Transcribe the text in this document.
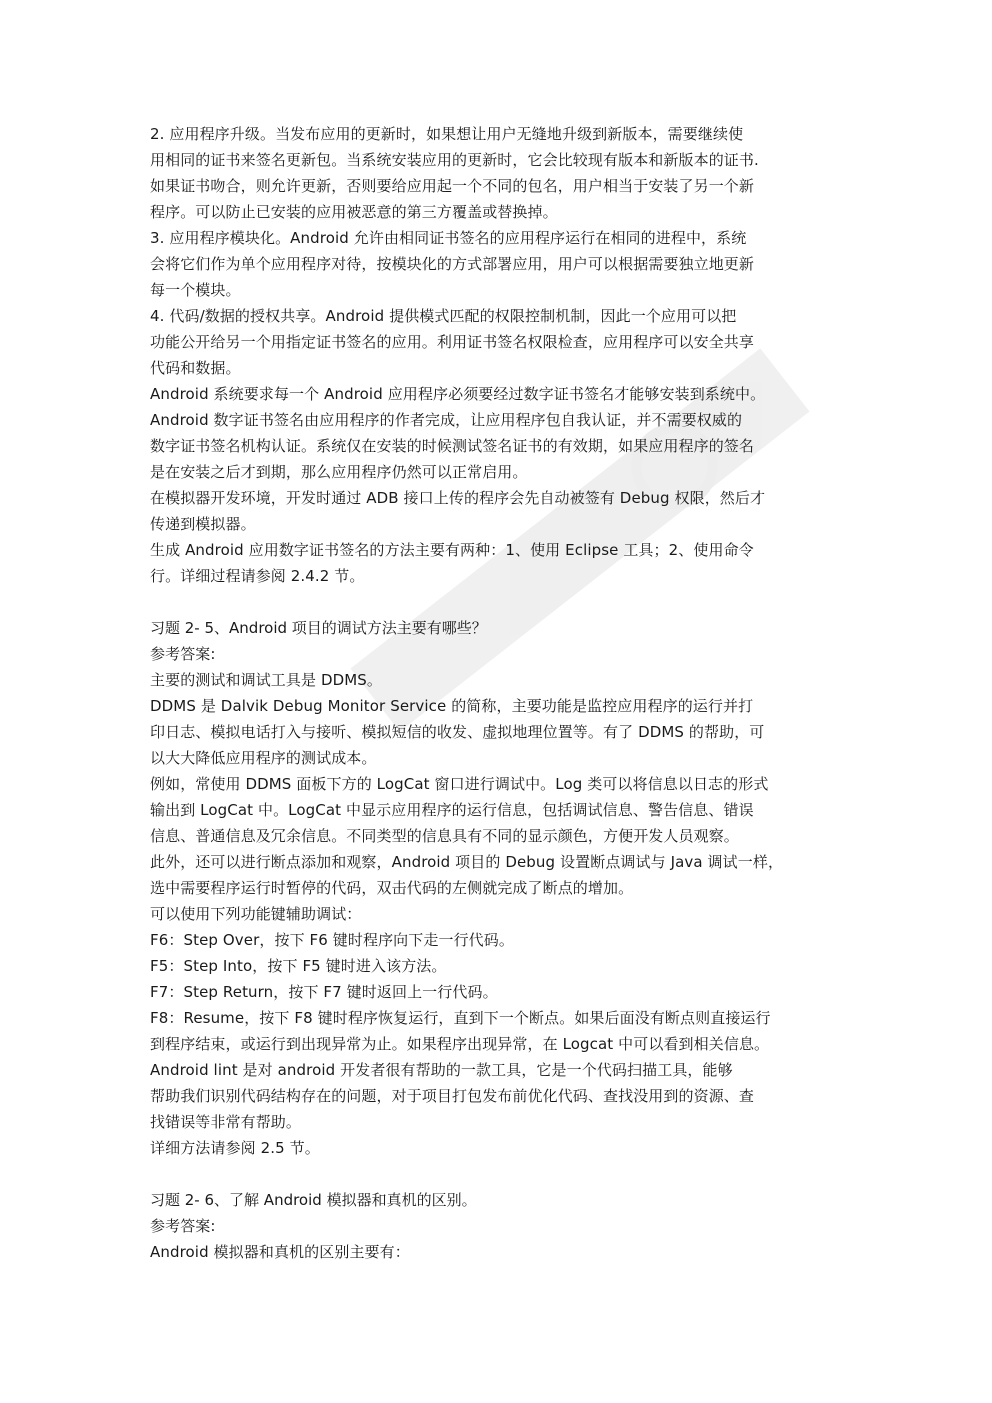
2. 应用程序升级。当发布应用的更新时，如果想让用户无缝地升级到新版本，需要继续使
用相同的证书来签名更新包。当系统安装应用的更新时，它会比较现有版本和新版本的证书.
如果证书吻合，则允许更新，否则要给应用起一个不同的包名，用户相当于安装了另一个新
程序。可以防止已安装的应用被恶意的第三方覆盖或替换掉。
3. 应用程序模块化。Android 允许由相同证书签名的应用程序运行在相同的进程中，系统
会将它们作为单个应用程序对待，按模块化的方式部署应用，用户可以根据需要独立地更新
每一个模块。
4. 代码/数据的授权共享。Android 提供模式匹配的权限控制机制，因此一个应用可以把
功能公开给另一个用指定证书签名的应用。利用证书签名权限检查，应用程序可以安全共享
代码和数据。
Android 系统要求每一个 Android 应用程序必须要经过数字证书签名才能够安装到系统中。
Android 数字证书签名由应用程序的作者完成，让应用程序包自我认证，并不需要权威的
数字证书签名机构认证。系统仅在安装的时候测试签名证书的有效期，如果应用程序的签名
是在安装之后才到期，那么应用程序仍然可以正常启用。
在模拟器开发环境，开发时通过 ADB 接口上传的程序会先自动被签有 Debug 权限，然后才
传递到模拟器。
生成 Android 应用数字证书签名的方法主要有两种：1、使用 Eclipse 工具；2、使用命令
行。详细过程请参阅 2.4.2 节。
习题 2- 5、Android 项目的调试方法主要有哪些？
参考答案:
主要的测试和调试工具是 DDMS。
DDMS 是 Dalvik Debug Monitor Service 的简称，主要功能是监控应用程序的运行并打
印日志、模拟电话打入与接听、模拟短信的收发、虚拟地理位置等。有了 DDMS 的帮助，可
以大大降低应用程序的测试成本。
例如，常使用 DDMS 面板下方的 LogCat 窗口进行调试中。Log 类可以将信息以日志的形式
输出到 LogCat 中。LogCat 中显示应用程序的运行信息，包括调试信息、警告信息、错误
信息、普通信息及冗余信息。不同类型的信息具有不同的显示颜色，方便开发人员观察。
此外，还可以进行断点添加和观察，Android 项目的 Debug 设置断点调试与 Java 调试一样，
选中需要程序运行时暂停的代码，双击代码的左侧就完成了断点的增加。
可以使用下列功能键辅助调试：
F6：Step Over，按下 F6 键时程序向下走一行代码。
F5：Step Into，按下 F5 键时进入该方法。
F7：Step Return，按下 F7 键时返回上一行代码。
F8：Resume，按下 F8 键时程序恢复运行，直到下一个断点。如果后面没有断点则直接运行
到程序结束，或运行到出现异常为止。如果程序出现异常，在 Logcat 中可以看到相关信息。
Android lint 是对 android 开发者很有帮助的一款工具，它是一个代码扫描工具，能够
帮助我们识别代码结构存在的问题，对于项目打包发布前优化代码、查找没用到的资源、查
找错误等非常有帮助。
详细方法请参阅 2.5 节。
习题 2- 6、了解 Android 模拟器和真机的区别。
参考答案:
Android 模拟器和真机的区别主要有：
